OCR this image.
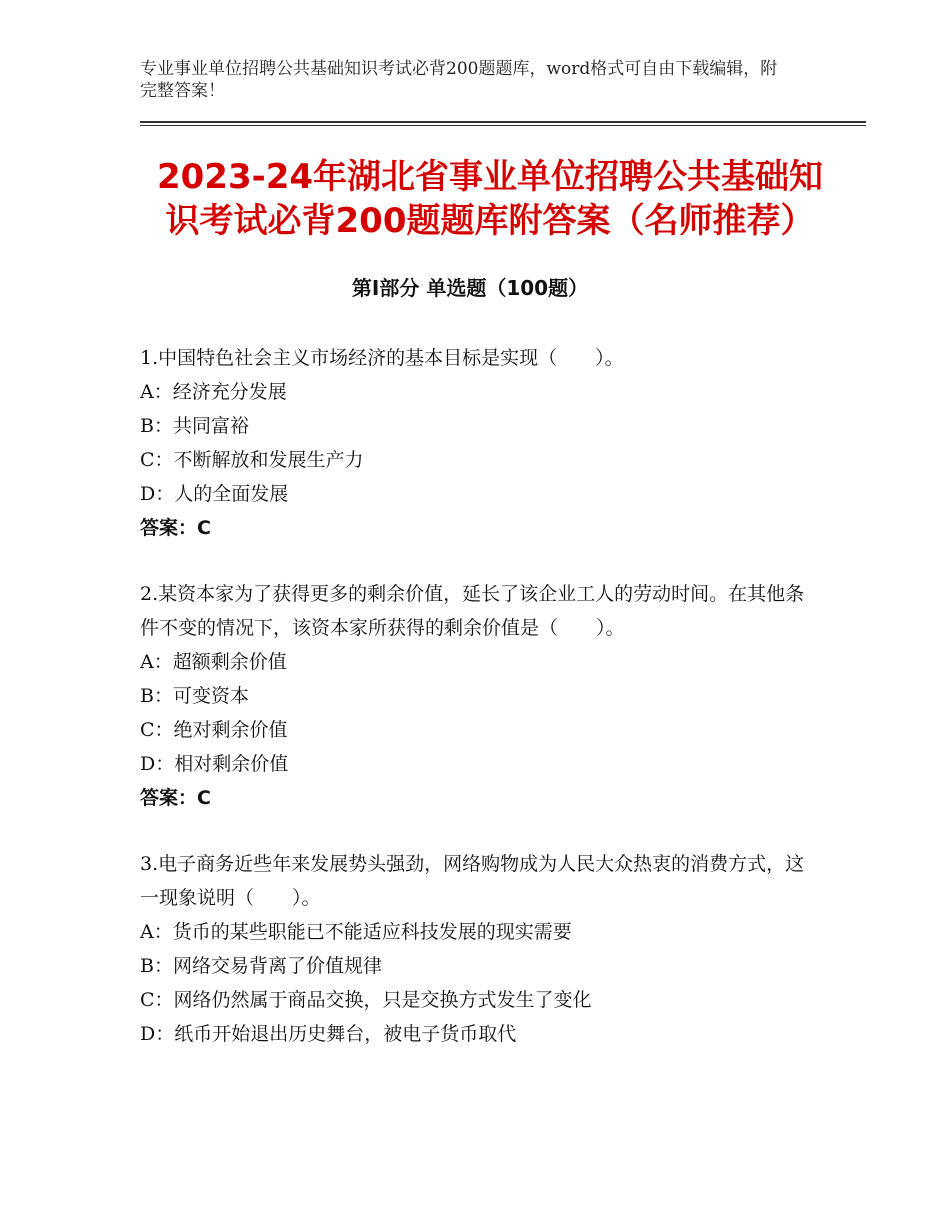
专业事业单位招聘公共基础知识考试必背200题题库，word格式可自由下载编辑，附完整答案！
2023-24年湖北省事业单位招聘公共基础知识考试必背200题题库附答案（名师推荐）
第Ⅰ部分 单选题（100题）

1.中国特色社会主义市场经济的基本目标是实现（　　）。

A：经济充分发展

B：共同富裕

C：不断解放和发展生产力

D：人的全面发展

答案：C

2.某资本家为了获得更多的剩余价值，延长了该企业工人的劳动时间。在其他条件不变的情况下，该资本家所获得的剩余价值是（　　）。

A：超额剩余价值

B：可变资本

C：绝对剩余价值

D：相对剩余价值

答案：C

3.电子商务近些年来发展势头强劲，网络购物成为人民大众热衷的消费方式，这一现象说明（　　）。

A：货币的某些职能已不能适应科技发展的现实需要

B：网络交易背离了价值规律

C：网络仍然属于商品交换，只是交换方式发生了变化

D：纸币开始退出历史舞台，被电子货币取代
